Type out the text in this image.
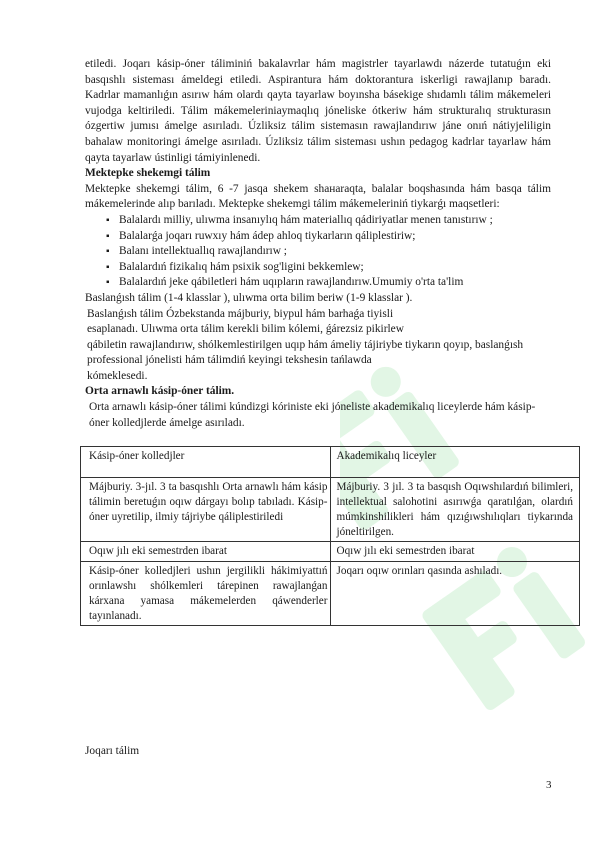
etiledi. Joqarı kásip-óner táliminiń bakalavrlar hám magistrler tayarlawdı názerde tutatuǵın eki basqıshlı sisteması ámeldegi etiledi. Aspirantura hám doktorantura iskerligi rawajlanıp baradı. Kadrlar mamanlıǵın asırıw hám olardı qayta tayarlaw boyınsha básekige shıdamlı tálim mákemeleri vujodga keltiriledi. Tálim mákemeleriniaymaqlıq jóneliske ótkeriw hám strukturalıq strukturasın ózgertiw jumısı ámelge asırıladı. Úzliksiz tálim sistemasın rawajlandırıw jáne onıń nátiyjeliligin bahalaw monitoringi ámelge asırıladı. Úzliksiz tálim sisteması ushın pedagog kadrlar tayarlaw hám qayta tayarlaw ústinligi támiyinlenedi.

Mektepke shekemgi tálim

Mektepke shekemgi tálim, 6 -7 jasqa shekem shaнaraqta, balalar boqshasında hám basqa tálim mákemelerinde alıp barıladı. Mektepke shekemgi tálim mákemeleriniń tiykarǵı maqsetleri:

▪ Balalardı milliy, ulıwma insanıylıq hám materiallıq qádiriyatlar menen tanıstırıw ;
▪ Balalarǵa joqarı ruwxıy hám ádep ahloq tiykarların qáliplestiriw;
▪ Balanı intellektuallıq rawajlandırıw ;
▪ Balalardıń fizikalıq hám psixik sog'ligini bekkemlew;
▪ Balalardıń jeke qábiletleri hám uqıpların rawajlandırıw.Umumiy o'rta ta'lim

Baslanǵısh tálim (1-4 klasslar ), ulıwma orta bilim beriw (1-9 klasslar ).

Baslanǵısh tálim Ózbekstanda májburiy, biypul hám barhaǵa tiyisli

esaplanadı. Ulıwma orta tálim kerekli bilim kólemi, ǵárezsiz pikirlew

qábiletin rawajlandırıw, shólkemlestirilgen uqıp hám ámeliy tájiriybe tiykarın qoyıp, baslanǵısh professional jónelisti hám tálimdiń keyingi tekshesin tańlawda

kómeklesedi.

Orta arnawlı kásip-óner tálim.

Orta arnawlı kásip-óner tálimi kúndizgi kóriniste eki jóneliste akademikalıq liceylerde hám kásip-óner kolledjlerde ámelge asırıladı.

Kásip-óner kolledjler	Akademikalıq liceyler
Májburiy. 3-jıl. 3 ta basqıshlı Orta arnawlı hám kásip tálimin beretuǵın oqıw dárgayı bolıp tabıladı. Kásip-óner uyretilip, ilmiy tájriybe qáliplestiriledi	Májburiy. 3 jıl. 3 ta basqısh Oqıwshılardıń bilimleri, intellektual salohotini asırıwǵa qaratılǵan, olardıń múmkinshilikleri hám qızıǵıwshılıqları tiykarında jóneltirilgen.
Oqıw jılı eki semestrden ibarat	Oqıw jılı eki semestrden ibarat
Kásip-óner kolledjleri ushın jergilikli hákimiyattıń orınlawshı shólkemleri tárepinen rawajlanǵan kárxana yamasa mákemelerden qáwenderler tayınlanadı.	Joqarı oqıw orınları qasında ashıladı.
Joqarı tálim
3
